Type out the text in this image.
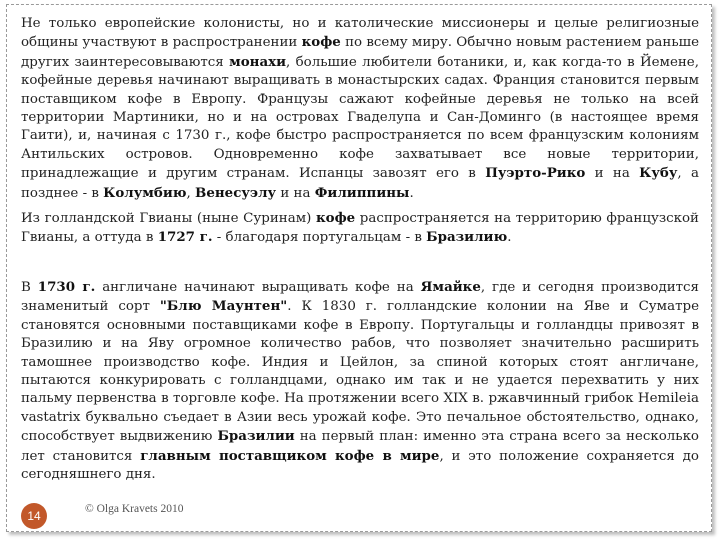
Не только европейские колонисты, но и католические миссионеры и целые религиозные общины участвуют в распространении кофе по всему миру. Обычно новым растением раньше других заинтересовываются монахи, большие любители ботаники, и, как когда-то в Йемене, кофейные деревья начинают выращивать в монастырских садах. Франция становится первым поставщиком кофе в Европу. Французы сажают кофейные деревья не только на всей территории Мартиники, но и на островах Гваделупа и Сан-Доминго (в настоящее время Гаити), и, начиная с 1730 г., кофе быстро распространяется по всем французским колониям Антильских островов. Одновременно кофе захватывает все новые территории, принадлежащие и другим странам. Испанцы завозят его в Пуэрто-Рико и на Кубу, а позднее - в Колумбию, Венесуэлу и на Филиппины.

Из голландской Гвианы (ныне Суринам) кофе распространяется на территорию французской Гвианы, а оттуда в 1727 г. - благодаря португальцам - в Бразилию.

В 1730 г. англичане начинают выращивать кофе на Ямайке, где и сегодня производится знаменитый сорт "Блю Маунтен". К 1830 г. голландские колонии на Яве и Суматре становятся основными поставщиками кофе в Европу. Португальцы и голландцы привозят в Бразилию и на Яву огромное количество рабов, что позволяет значительно расширить тамошнее производство кофе. Индия и Цейлон, за спиной которых стоят англичане, пытаются конкурировать с голландцами, однако им так и не удается перехватить у них пальму первенства в торговле кофе. На протяжении всего XIX в. ржавчинный грибок Hemileia vastatrix буквально съедает в Азии весь урожай кофе. Это печальное обстоятельство, однако, способствует выдвижению Бразилии на первый план: именно эта страна всего за несколько лет становится главным поставщиком кофе в мире, и это положение сохраняется до сегодняшнего дня.

14	© Olga Kravets 2010
